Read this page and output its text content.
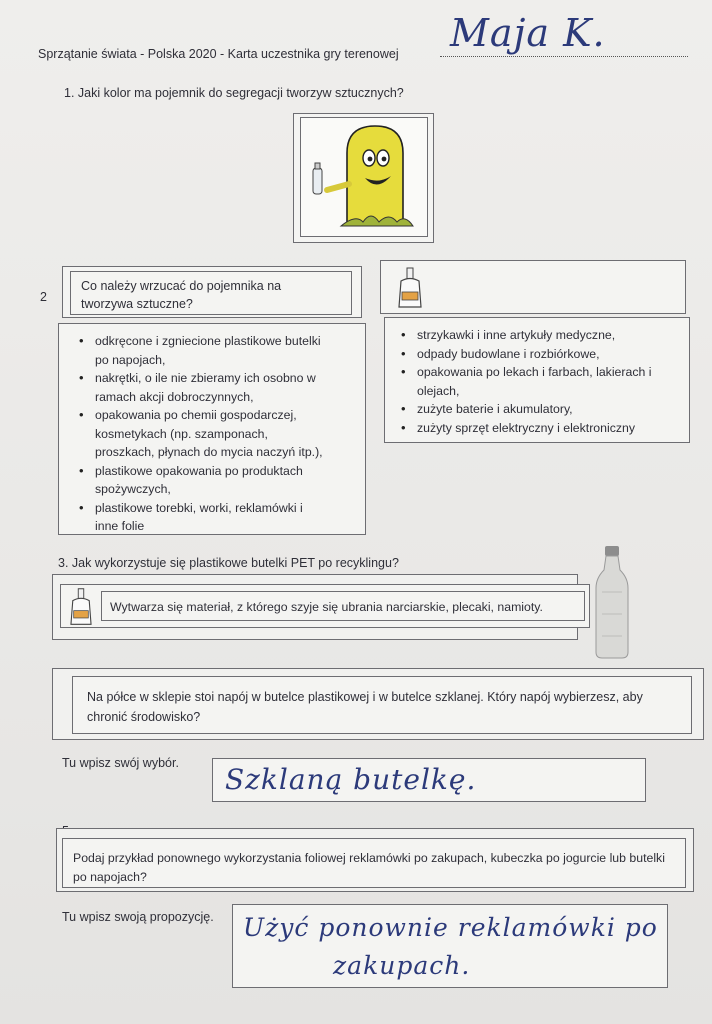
Sprzątanie świata - Polska 2020 - Karta uczestnika gry terenowej Maja K.
1. Jaki kolor ma pojemnik do segregacji tworzyw sztucznych?
2
Co należy wrzucać do pojemnika na tworzywa sztuczne?
• odkręcone i zgniecione plastikowe butelki po napojach,
• nakrętki, o ile nie zbieramy ich osobno w ramach akcji dobroczynnych,
• opakowania po chemii gospodarczej, kosmetykach (np. szamponach, proszkach, płynach do mycia naczyń itp.),
• plastikowe opakowania po produktach spożywczych,
• plastikowe torebki, worki, reklamówki i inne folie
• strzykawki i inne artykuły medyczne,
• odpady budowlane i rozbiórkowe,
• opakowania po lekach i farbach, lakierach i olejach,
• zużyte baterie i akumulatory,
• zużyty sprzęt elektryczny i elektroniczny
3. Jak wykorzystuje się plastikowe butelki PET po recyklingu?
Wytwarza się materiał, z którego szyje się ubrania narciarskie, plecaki, namioty.
Na półce w sklepie stoi napój w butelce plastikowej i w butelce szklanej. Który napój wybierzesz, aby chronić środowisko?
Tu wpisz swój wybór. Szklaną butelkę.
Podaj przykład ponownego wykorzystania foliowej reklamówki po zakupach, kubeczka po jogurcie lub butelki po napojach?
Tu wpisz swoją propozycję. Użyć ponownie reklamówki po
zakupach.
